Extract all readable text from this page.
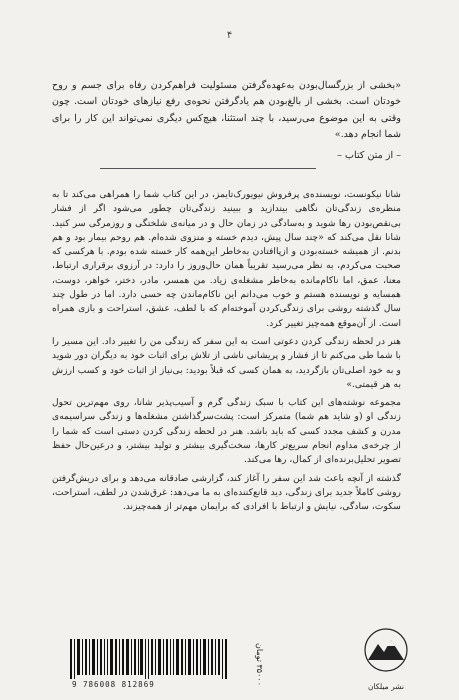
۴
«بخشی از بزرگسال‌بودن به‌عهده‌گرفتن مسئولیت فراهم‌کردن رفاه برای جسم و روح خودتان است. بخشی از بالغ‌بودن هم یادگرفتن نحوه‌ی رفع نیازهای خودتان است. چون وقتی به این موضوع می‌رسید، با چند استثنا، هیچ‌کس دیگری نمی‌تواند این کار را برای شما انجام دهد.»
– از متن کتاب –

شانا نیکونست، نویسنده‌ی پرفروش نیویورک‌تایمز، در این کتاب شما را همراهی می‌کند تا به منظره‌ی زندگی‌تان نگاهی بیندازید و ببینید زندگی‌تان چطور می‌شود اگر از فشار بی‌نقص‌بودن رها شوید و به‌سادگی در زمان حال و در میانه‌ی شلختگی و روزمرگی سر کنید. شانا نقل می‌کند که «چند سال پیش، دیدم خسته و منزوی شده‌ام. هم روحم بیمار بود و هم بدنم. از همیشه خسته‌بودن و ازپاافتادن به‌خاطر این‌همه کار خسته شده بودم. با هرکسی که صحبت می‌کردم، به نظر می‌رسید تقریباً همان حال‌وروز را دارد: در آرزوی برقراری ارتباط، معنا، عمق، اما ناکام‌مانده به‌خاطر مشغله‌ی زیاد. من همسر، مادر، دختر، خواهر، دوست، همسایه و نویسنده هستم و خوب می‌دانم این ناکام‌ماندن چه حسی دارد. اما در طول چند سال گذشته روشی برای زندگی‌کردن آموخته‌ام که با لطف، عشق، استراحت و بازی همراه است. از آن‌موقع همه‌چیز تغییر کرد.

هنر در لحظه زندگی کردن دعوتی است به این سفر که زندگی من را تغییر داد. این مسیر را با شما طی می‌کنم تا از فشار و پریشانی ناشی از تلاش برای اثبات خود به دیگران دور شوید و به خود اصلی‌تان بازگردید، به همان کسی که قبلاً بودید: بی‌نیاز از اثبات خود و کسب ارزش به هر قیمتی.»

مجموعه نوشته‌های این کتاب با سبک زندگی گرم و آسیب‌پذیر شانا، روی مهم‌ترین تحول زندگی او (و شاید هم شما) متمرکز است: پشت‌سرگذاشتن مشغله‌ها و زندگی سراسیمه‌ی مدرن و کشف مجدد کسی که باید باشد. هنر در لحظه زندگی کردن دستی است که شما را از چرخه‌ی مداوم انجام سریع‌تر کارها، سخت‌گیری بیشتر و تولید بیشتر، و درعین‌حال حفظ تصویر تحلیل‌برنده‌ای از کمال، رها می‌کند.

گذشته از آنچه باعث شد این سفر را آغاز کند، گزارشی صادقانه می‌دهد و برای دریش‌گرفتن روشی کاملاً جدید برای زندگی، دید قانع‌کننده‌ای به ما می‌دهد: غرق‌شدن در لطف، استراحت، سکوت، سادگی، نیایش و ارتباط با افرادی که برایمان مهم‌تر از همه‌چیزند.

9 786008 812869
۳۵۰۰۰ تومان
نشر میلکان
